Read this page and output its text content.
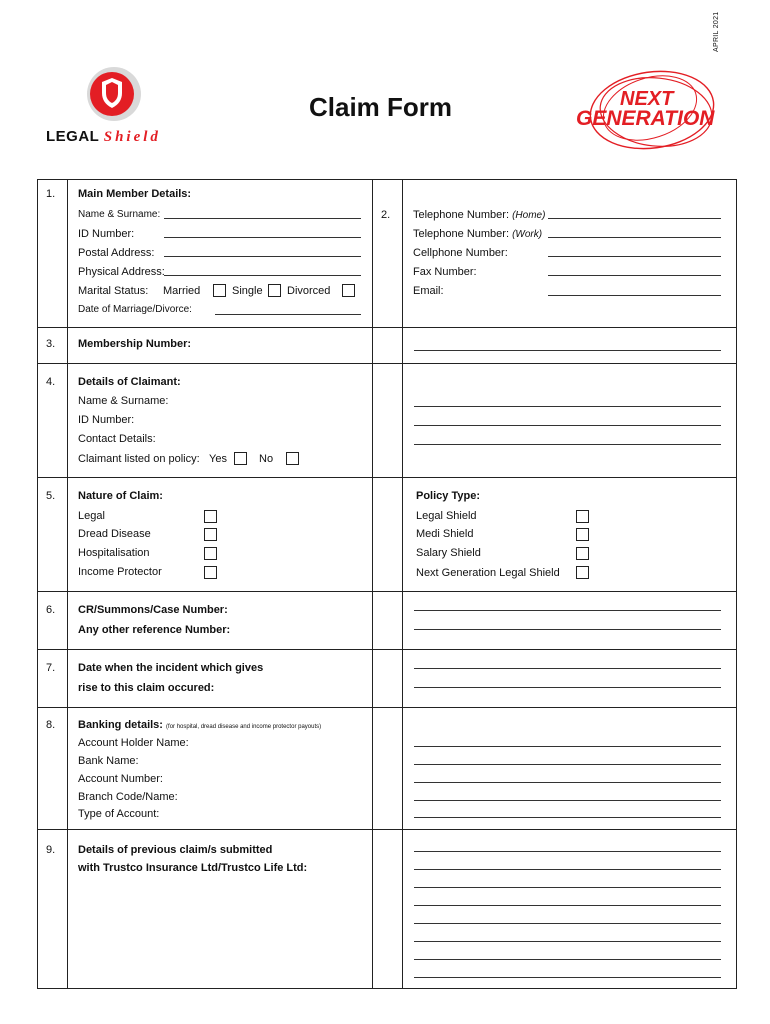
APRIL 2021
LEGAL Shield
Claim Form	NEXT
GENERATION
1. Main Member Details:
Name & Surname:
ID Number:
Postal Address:
Physical Address:
Marital Status: Married	Single Divorced
Date of Marriage/Divorce:
2. Telephone Number: (Home)
Telephone Number: (Work)
Cellphone Number:
Fax Number:
Email:
3. Membership Number:
4. Details of Claimant:
Name & Surname:
ID Number:
Contact Details:
Claimant listed on policy: Yes	No
5. Nature of Claim:
Legal
Dread Disease
Hospitalisation
Income Protector
Policy Type:
Legal Shield
Medi Shield
Salary Shield
Next Generation Legal Shield
6. CR/Summons/Case Number:
Any other reference Number:
7. Date when the incident which gives
rise to this claim occured:
8. Banking details: (for hospital, dread disease and income protector payouts)
Account Holder Name:
Bank Name:
Account Number:
Branch Code/Name:
Type of Account:
9. Details of previous claim/s submitted
with Trustco Insurance Ltd/Trustco Life Ltd:
